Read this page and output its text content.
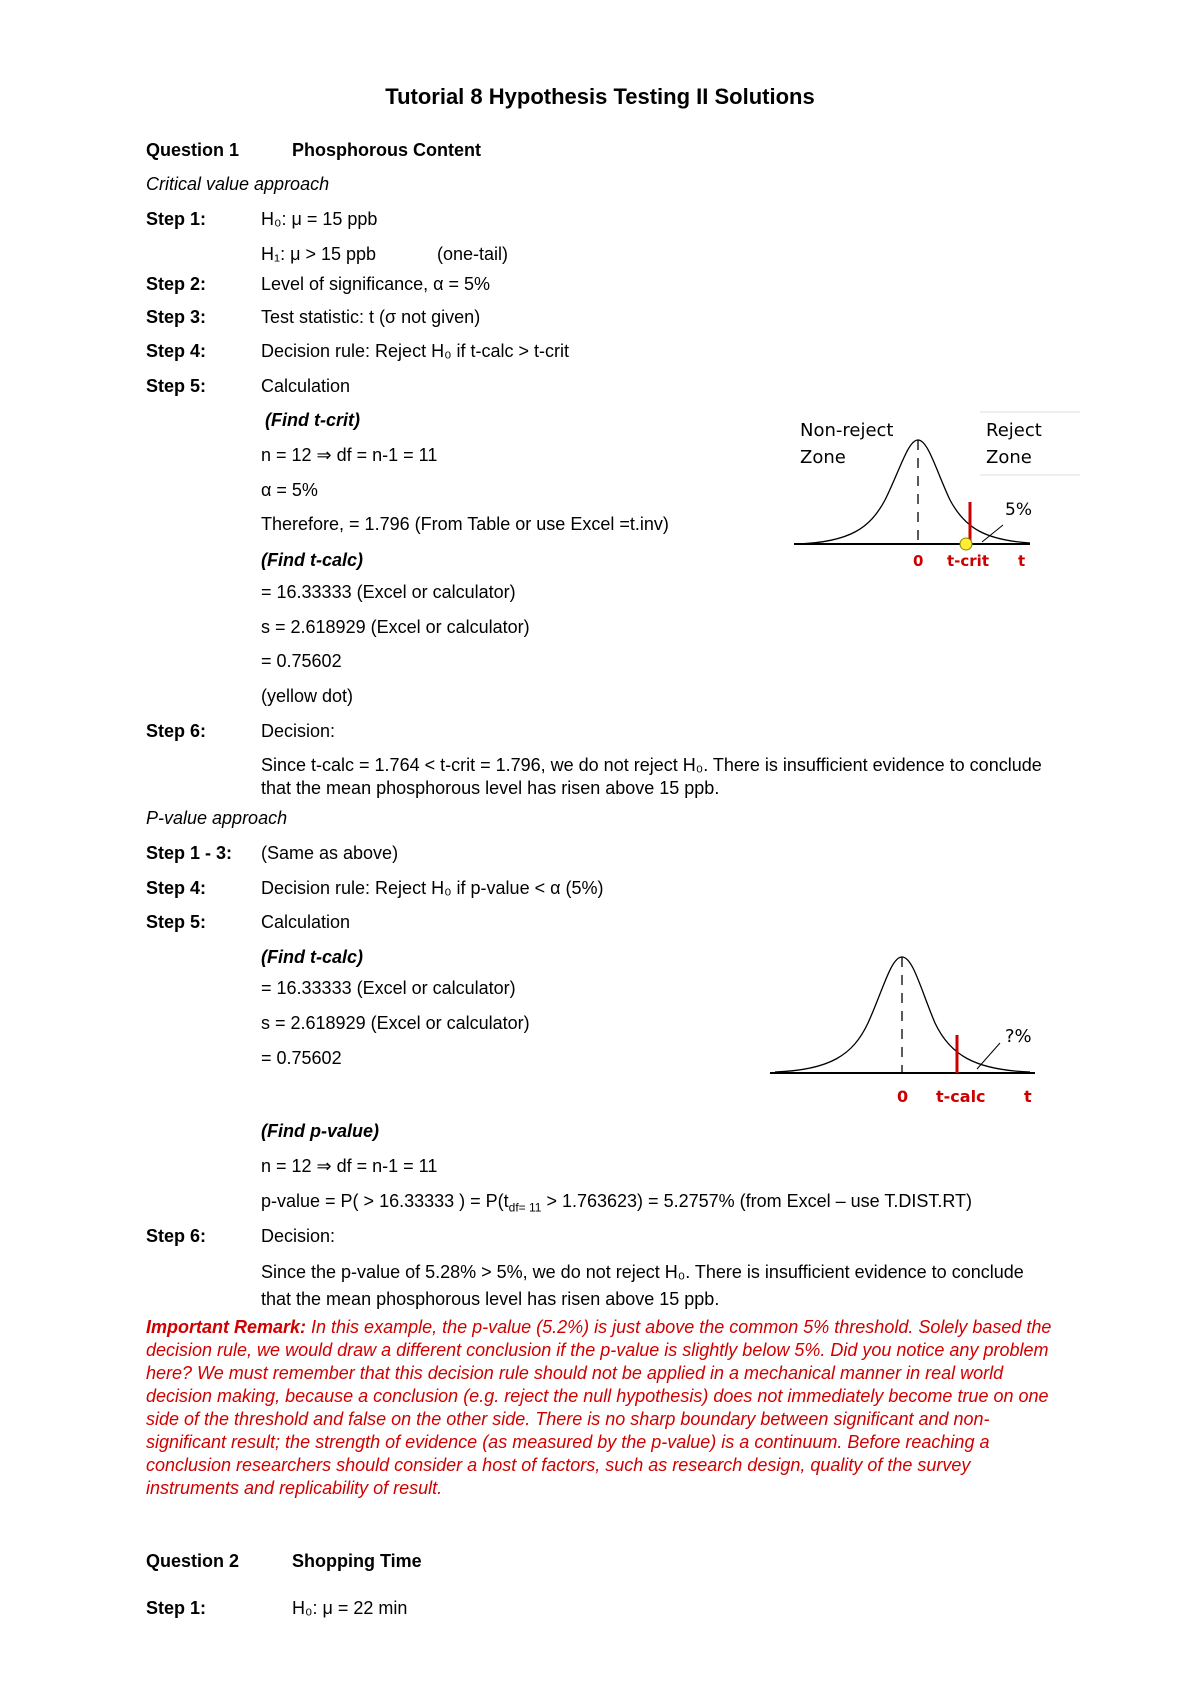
Tutorial 8 Hypothesis Testing II Solutions
Question 1	Phosphorous Content
Critical value approach
Step 1:	H₀: μ = 15 ppb
H₁: μ > 15 ppb	(one-tail)
Step 2:	Level of significance, α = 5%
Step 3:	Test statistic: t (σ not given)
Step 4:	Decision rule: Reject H₀ if t-calc > t-crit
Step 5:	Calculation
(Find t-crit)
n = 12 ⇒ df = n-1 = 11
α = 5%
Therefore, = 1.796 (From Table or use Excel =t.inv)
(Find t-calc)
= 16.33333 (Excel or calculator)
s = 2.618929 (Excel or calculator)
= 0.75602
(yellow dot)
Step 6:	Decision:
Since t-calc = 1.764 < t-crit = 1.796, we do not reject H₀. There is insufficient evidence to conclude that the mean phosphorous level has risen above 15 ppb.
P-value approach
Step 1 - 3: (Same as above)
Step 4:	Decision rule: Reject H₀ if p-value < α (5%)
Step 5:	Calculation
(Find t-calc)
= 16.33333 (Excel or calculator)
s = 2.618929 (Excel or calculator)
= 0.75602
(Find p-value)
n = 12 ⇒ df = n-1 = 11
p-value = P( > 16.33333 ) = $P(t_{df= 11} > 1.763623) = 5.2757\%$ (from Excel – use T.DIST.RT)
Step 6:	Decision:
Since the p-value of 5.28% > 5%, we do not reject H₀. There is insufficient evidence to conclude that the mean phosphorous level has risen above 15 ppb.
Important Remark: In this example, the p-value (5.2%) is just above the common 5% threshold. Solely based the decision rule, we would draw a different conclusion if the p-value is slightly below 5%. Did you notice any problem here? We must remember that this decision rule should not be applied in a mechanical manner in real world decision making, because a conclusion (e.g. reject the null hypothesis) does not immediately become true on one side of the threshold and false on the other side. There is no sharp boundary between significant and non-significant result; the strength of evidence (as measured by the p-value) is a continuum. Before reaching a conclusion researchers should consider a host of factors, such as research design, quality of the survey instruments and replicability of result.
Question 2	Shopping Time
Step 1:	H₀: μ = 22 min
Non-reject
Zone
Reject
Zone
5%
0 t-crit t
?%
0 t-calc t
